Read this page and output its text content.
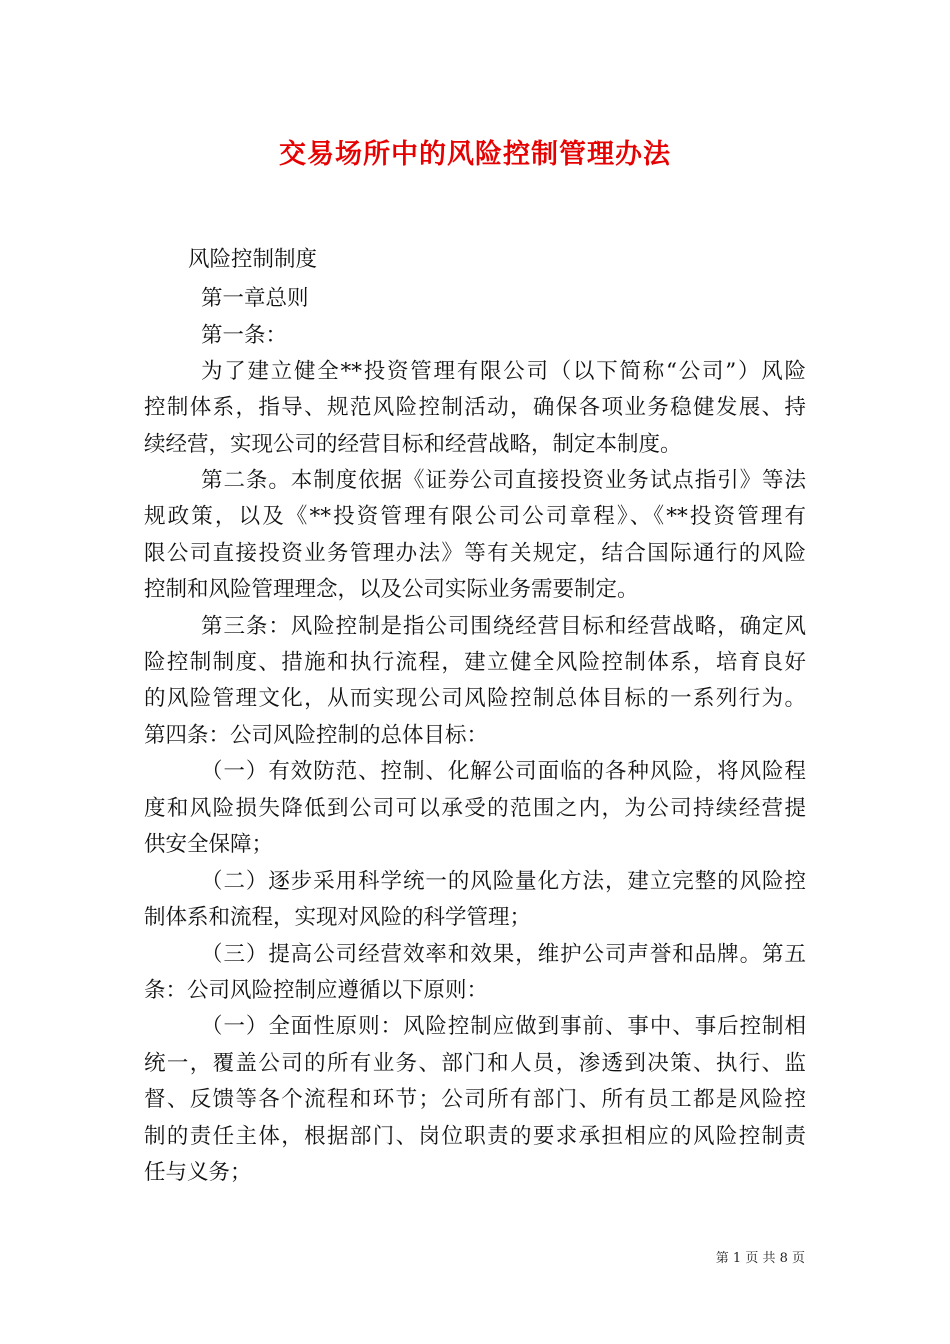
交易场所中的风险控制管理办法

风险控制制度

第一章总则

第一条：

为了建立健全**投资管理有限公司（以下简称“公司”）风险

控制体系，指导、规范风险控制活动，确保各项业务稳健发展、持

续经营，实现公司的经营目标和经营战略，制定本制度。

第二条。本制度依据《证券公司直接投资业务试点指引》等法

规政策，以及《**投资管理有限公司公司章程》、《**投资管理有

限公司直接投资业务管理办法》等有关规定，结合国际通行的风险

控制和风险管理理念，以及公司实际业务需要制定。

第三条：风险控制是指公司围绕经营目标和经营战略，确定风

险控制制度、措施和执行流程，建立健全风险控制体系，培育良好

的风险管理文化，从而实现公司风险控制总体目标的一系列行为。

第四条：公司风险控制的总体目标：

（一）有效防范、控制、化解公司面临的各种风险，将风险程

度和风险损失降低到公司可以承受的范围之内，为公司持续经营提

供安全保障；

（二）逐步采用科学统一的风险量化方法，建立完整的风险控

制体系和流程，实现对风险的科学管理；

（三）提高公司经营效率和效果，维护公司声誉和品牌。第五

条：公司风险控制应遵循以下原则：

（一）全面性原则：风险控制应做到事前、事中、事后控制相

统一，覆盖公司的所有业务、部门和人员，渗透到决策、执行、监

督、反馈等各个流程和环节；公司所有部门、所有员工都是风险控

制的责任主体，根据部门、岗位职责的要求承担相应的风险控制责

任与义务；

第 1 页 共 8 页
